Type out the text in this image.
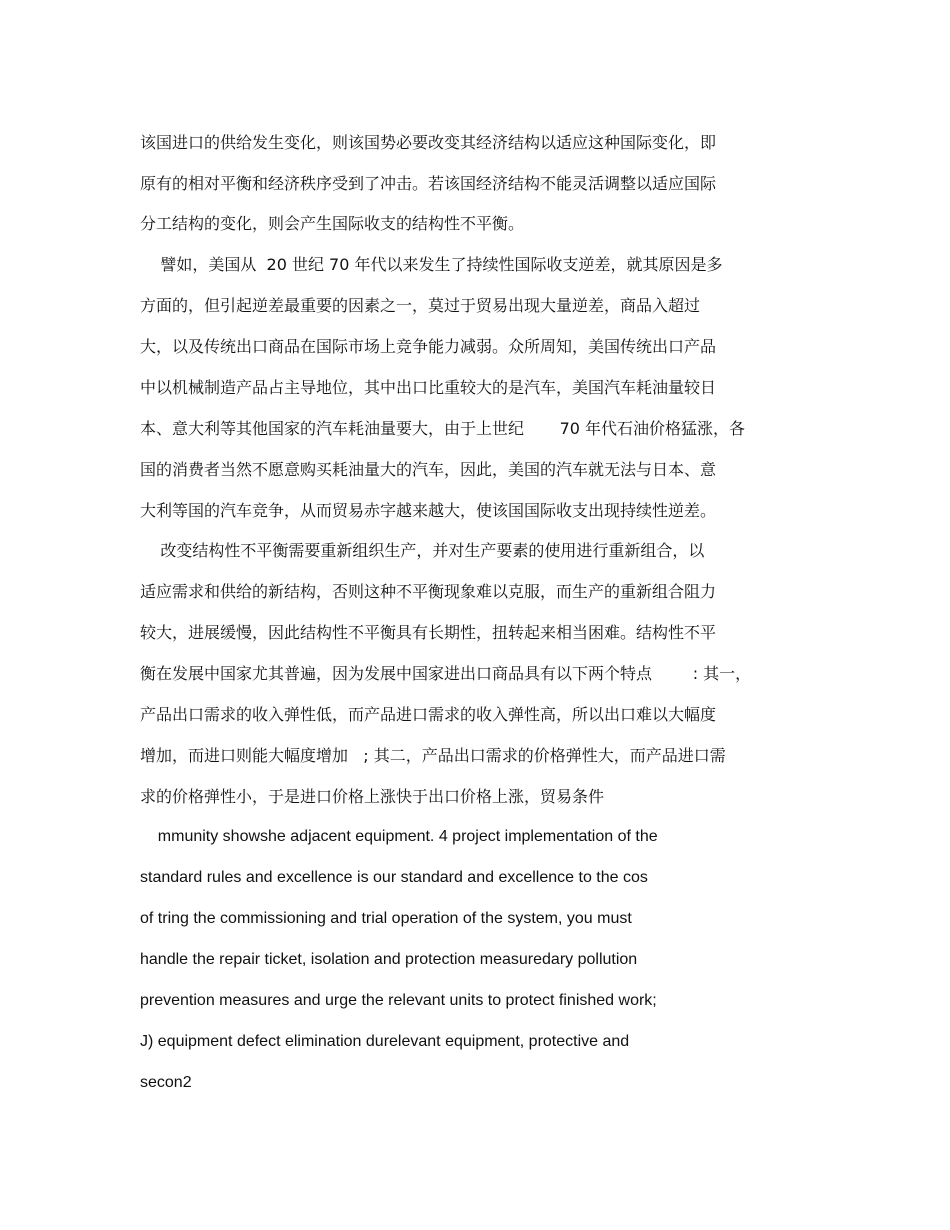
该国进口的供给发生变化，则该国势必要改变其经济结构以适应这种国际变化，即
原有的相对平衡和经济秩序受到了冲击。若该国经济结构不能灵活调整以适应国际
分工结构的变化，则会产生国际收支的结构性不平衡。
譬如，美国从  20 世纪 70 年代以来发生了持续性国际收支逆差，就其原因是多
方面的，但引起逆差最重要的因素之一，莫过于贸易出现大量逆差，商品入超过
大，以及传统出口商品在国际市场上竞争能力减弱。众所周知，美国传统出口产品
中以机械制造产品占主导地位，其中出口比重较大的是汽车，美国汽车耗油量较日
本、意大利等其他国家的汽车耗油量要大，由于上世纪       70 年代石油价格猛涨，各
国的消费者当然不愿意购买耗油量大的汽车，因此，美国的汽车就无法与日本、意
大利等国的汽车竞争，从而贸易赤字越来越大，使该国国际收支出现持续性逆差。
改变结构性不平衡需要重新组织生产，并对生产要素的使用进行重新组合，以
适应需求和供给的新结构，否则这种不平衡现象难以克服，而生产的重新组合阻力
较大，进展缓慢，因此结构性不平衡具有长期性，扭转起来相当困难。结构性不平
衡在发展中国家尤其普遍，因为发展中国家进出口商品具有以下两个特点        : 其一，
产品出口需求的收入弹性低，而产品进口需求的收入弹性高，所以出口难以大幅度
增加，而进口则能大幅度增加   ; 其二，产品出口需求的价格弹性大，而产品进口需
求的价格弹性小，于是进口价格上涨快于出口价格上涨，贸易条件
mmunity showshe adjacent equipment. 4 project implementation of the
standard rules and excellence is our standard and excellence to the cos
of tring the commissioning and trial operation of the system, you must
handle the repair ticket, isolation and protection measuredary pollution
prevention measures and urge the relevant units to protect finished work;
J) equipment defect elimination durelevant equipment, protective and
secon2
